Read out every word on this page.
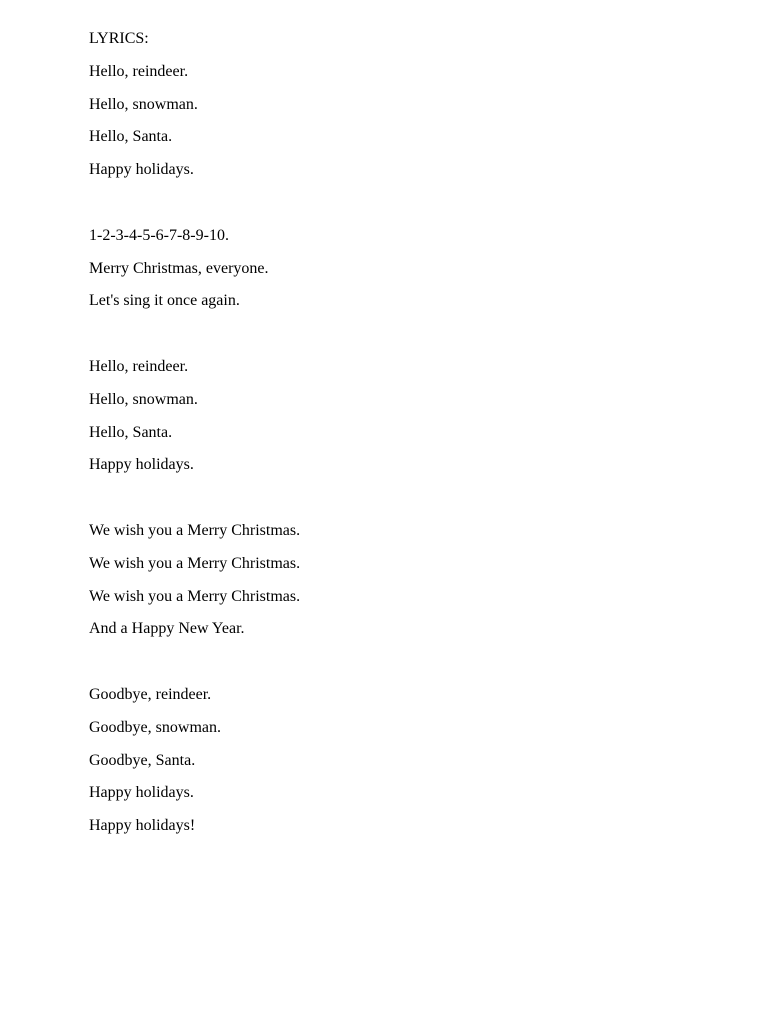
LYRICS:
Hello, reindeer.
Hello, snowman.
Hello, Santa.
Happy holidays.
1-2-3-4-5-6-7-8-9-10.
Merry Christmas, everyone.
Let's sing it once again.
Hello, reindeer.
Hello, snowman.
Hello, Santa.
Happy holidays.
We wish you a Merry Christmas.
We wish you a Merry Christmas.
We wish you a Merry Christmas.
And a Happy New Year.
Goodbye, reindeer.
Goodbye, snowman.
Goodbye, Santa.
Happy holidays.
Happy holidays!
